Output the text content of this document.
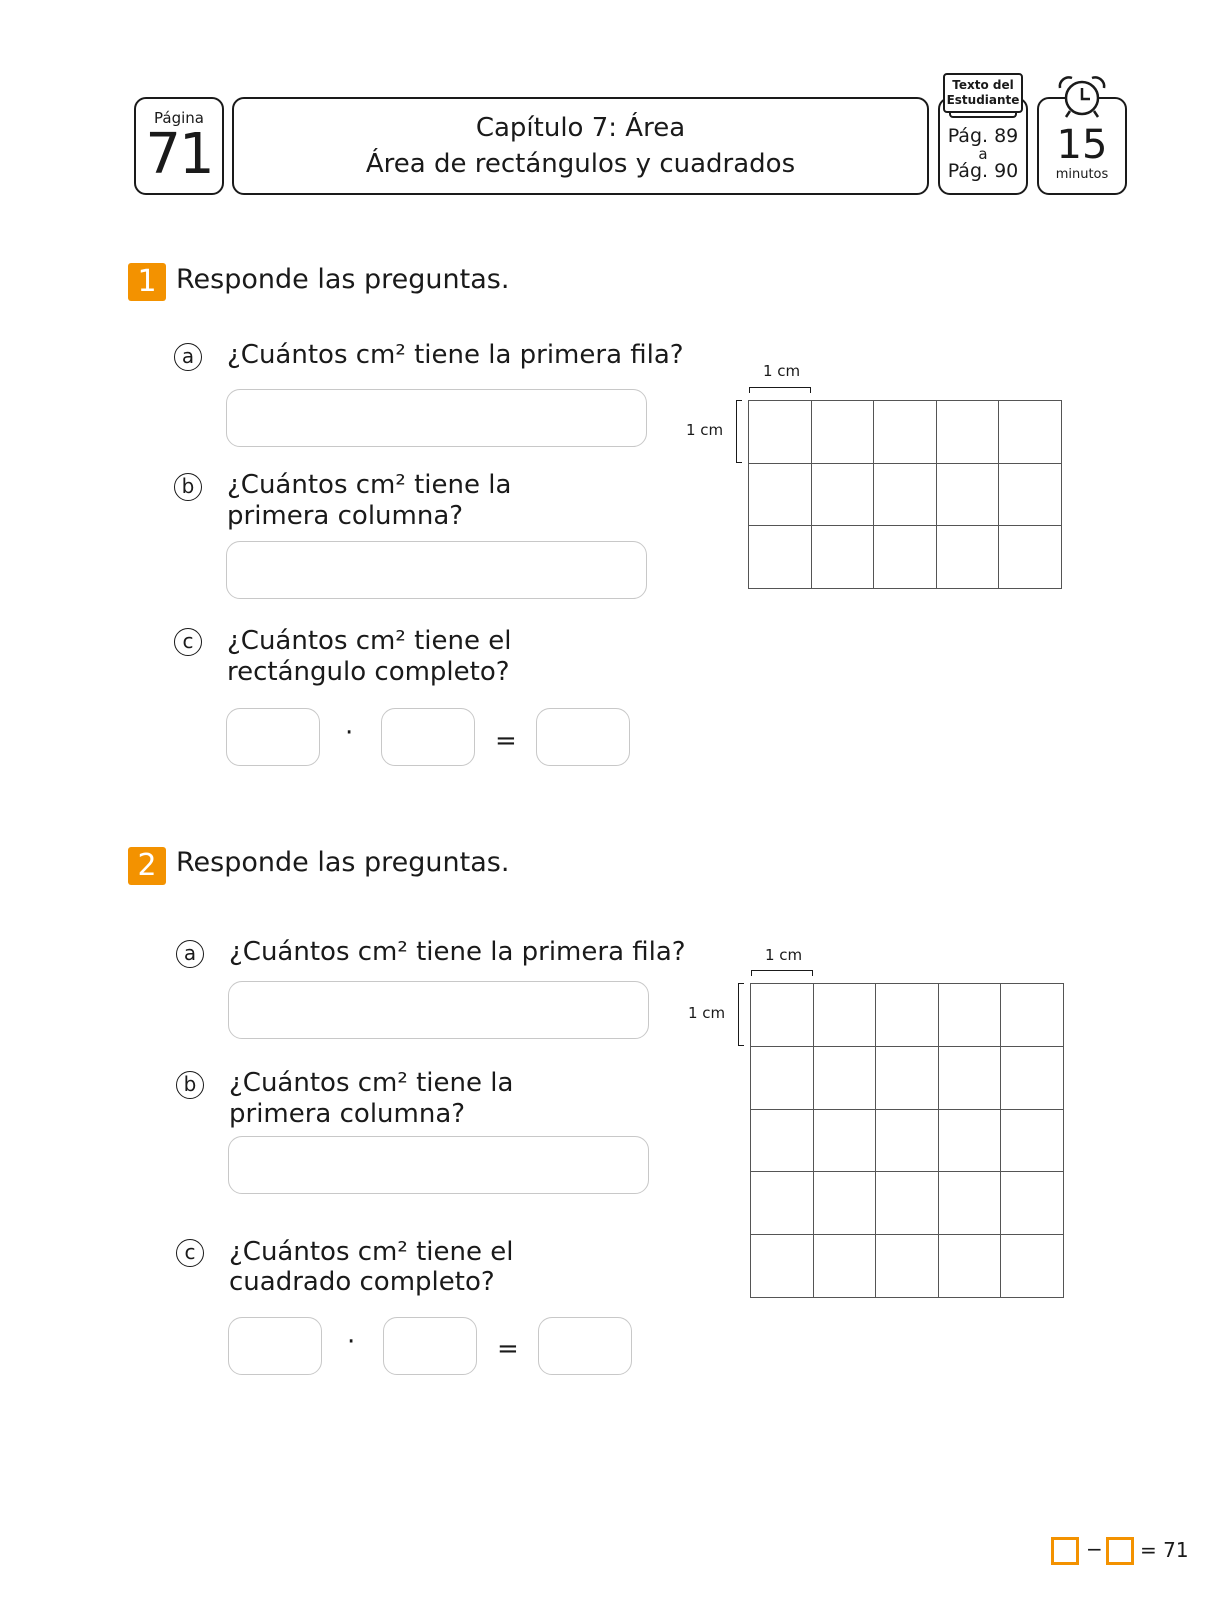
Página
71	Capítulo 7: Área
Área de rectángulos y cuadrados
Pág. 89
a
Pág. 90
Texto del
Estudiante
15
minutos
1 Responde las preguntas.
a	¿Cuántos cm² tiene la primera fila?
b ¿Cuántos cm² tiene la
primera columna?
c	¿Cuántos cm² tiene el
rectángulo completo?
·	=
1 cm
1 cm
2 Responde las preguntas.
a	¿Cuántos cm² tiene la primera fila?
b ¿Cuántos cm² tiene la
primera columna?
c	¿Cuántos cm² tiene el
cuadrado completo?
·	=
1 cm
1 cm
− = 71
